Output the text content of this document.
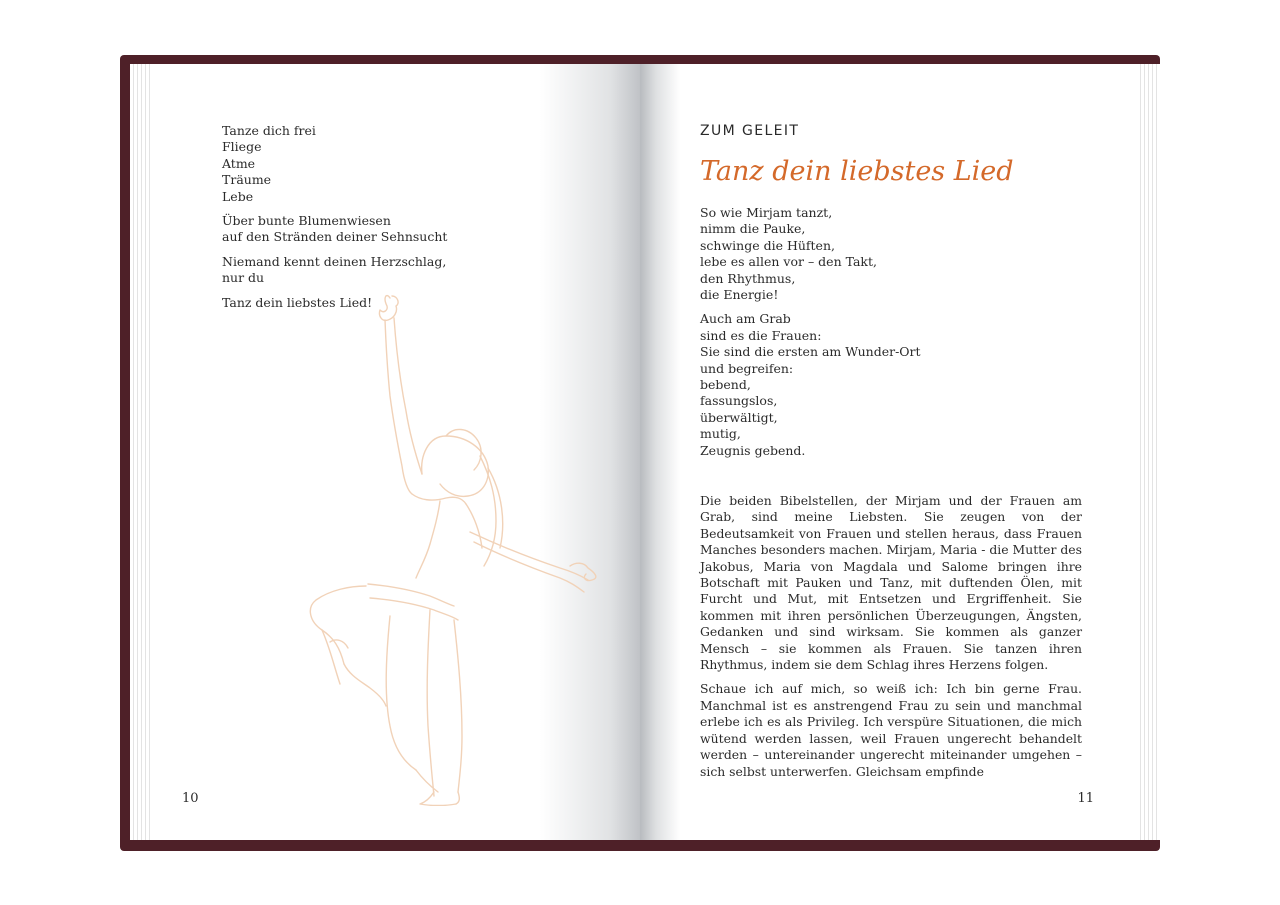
Tanze dich frei
Fliege
Atme
Träume
Lebe
Über bunte Blumenwiesen
auf den Stränden deiner Sehnsucht
Niemand kennt deinen Herzschlag,
nur du
Tanz dein liebstes Lied!
10
ZUM GELEIT
Tanz dein liebstes Lied
So wie Mirjam tanzt,
nimm die Pauke,
schwinge die Hüften,
lebe es allen vor – den Takt,
den Rhythmus,
die Energie!
Auch am Grab
sind es die Frauen:
Sie sind die ersten am Wunder-Ort
und begreifen:
bebend,
fassungslos,
überwältigt,
mutig,
Zeugnis gebend.

Die beiden Bibelstellen, der Mirjam und der Frauen am Grab, sind meine Liebsten. Sie zeugen von der Bedeutsamkeit von Frauen und stellen heraus, dass Frauen Manches besonders machen. Mirjam, Maria - die Mutter des Jakobus, Maria von Magdala und Salome bringen ihre Botschaft mit Pauken und Tanz, mit duftenden Ölen, mit Furcht und Mut, mit Entsetzen und Ergriffenheit. Sie kommen mit ihren persönlichen Überzeugungen, Ängsten, Gedanken und sind wirksam. Sie kommen als ganzer Mensch – sie kommen als Frauen. Sie tanzen ihren Rhythmus, indem sie dem Schlag ihres Herzens folgen.

Schaue ich auf mich, so weiß ich: Ich bin gerne Frau. Manchmal ist es anstrengend Frau zu sein und manchmal erlebe ich es als Privileg. Ich verspüre Situationen, die mich wütend werden lassen, weil Frauen ungerecht behandelt werden – untereinander ungerecht miteinander umgehen – sich selbst unterwerfen. Gleichsam empfinde

11
